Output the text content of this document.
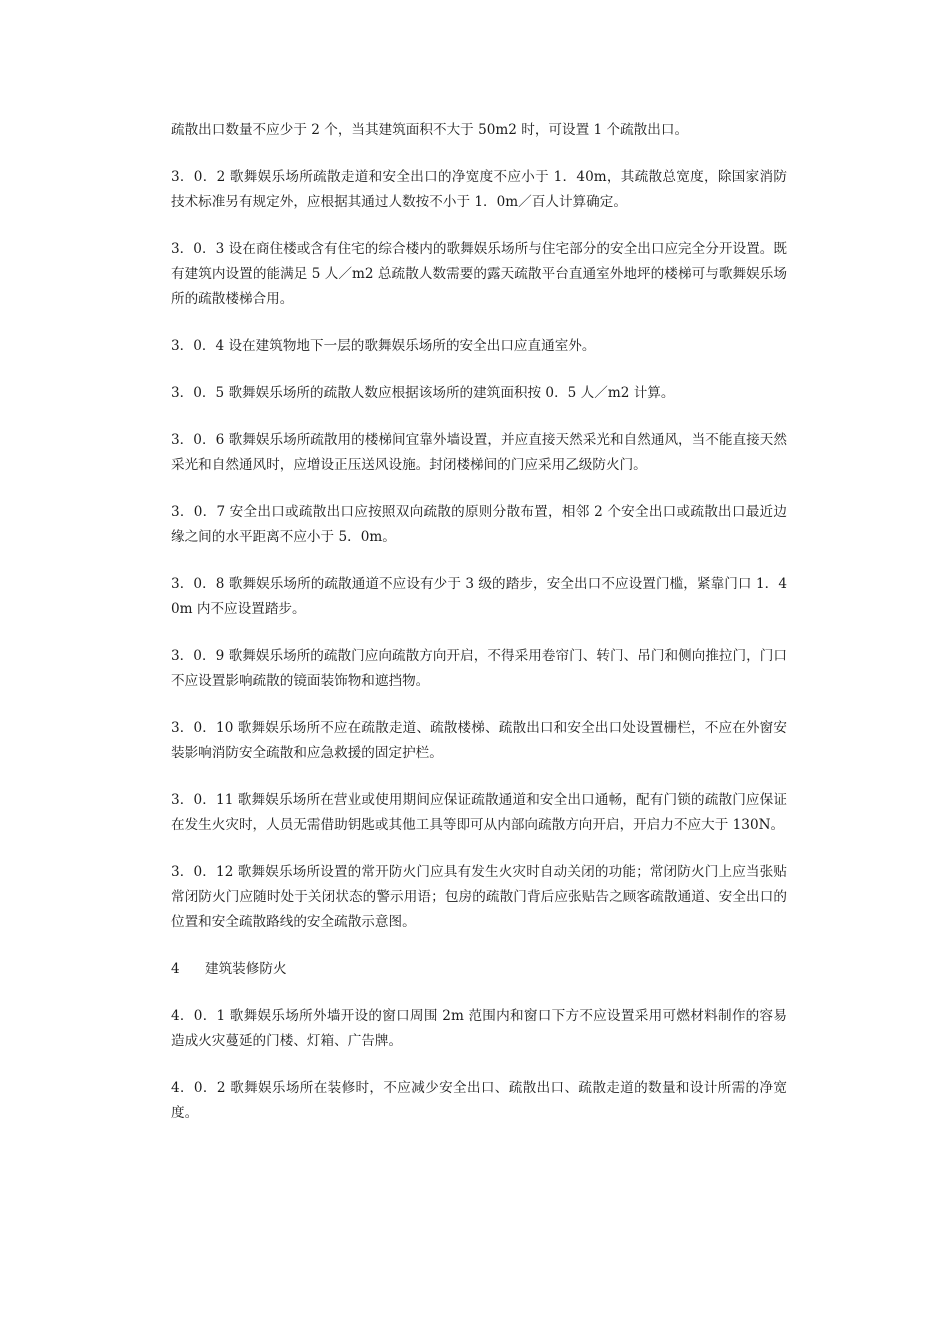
疏散出口数量不应少于 2 个，当其建筑面积不大于 50m2 时，可设置 1 个疏散出口。

3．0．2 歌舞娱乐场所疏散走道和安全出口的净宽度不应小于 1．40m，其疏散总宽度，除国家消防技术标准另有规定外，应根据其通过人数按不小于 1．0m／百人计算确定。

3．0．3 设在商住楼或含有住宅的综合楼内的歌舞娱乐场所与住宅部分的安全出口应完全分开设置。既有建筑内设置的能满足 5 人／m2 总疏散人数需要的露天疏散平台直通室外地坪的楼梯可与歌舞娱乐场所的疏散楼梯合用。

3．0．4 设在建筑物地下一层的歌舞娱乐场所的安全出口应直通室外。

3．0．5 歌舞娱乐场所的疏散人数应根据该场所的建筑面积按 0．5 人／m2 计算。

3．0．6 歌舞娱乐场所疏散用的楼梯间宜靠外墙设置，并应直接天然采光和自然通风，当不能直接天然采光和自然通风时，应增设正压送风设施。封闭楼梯间的门应采用乙级防火门。

3．0．7 安全出口或疏散出口应按照双向疏散的原则分散布置，相邻 2 个安全出口或疏散出口最近边缘之间的水平距离不应小于 5．0m。

3．0．8 歌舞娱乐场所的疏散通道不应设有少于 3 级的踏步，安全出口不应设置门槛，紧靠门口 1．40m 内不应设置踏步。

3．0．9 歌舞娱乐场所的疏散门应向疏散方向开启，不得采用卷帘门、转门、吊门和侧向推拉门，门口不应设置影响疏散的镜面装饰物和遮挡物。

3．0．10 歌舞娱乐场所不应在疏散走道、疏散楼梯、疏散出口和安全出口处设置栅栏，不应在外窗安装影响消防安全疏散和应急救援的固定护栏。

3．0．11 歌舞娱乐场所在营业或使用期间应保证疏散通道和安全出口通畅，配有门锁的疏散门应保证在发生火灾时，人员无需借助钥匙或其他工具等即可从内部向疏散方向开启，开启力不应大于 130N。

3．0．12 歌舞娱乐场所设置的常开防火门应具有发生火灾时自动关闭的功能；常闭防火门上应当张贴常闭防火门应随时处于关闭状态的警示用语；包房的疏散门背后应张贴告之顾客疏散通道、安全出口的位置和安全疏散路线的安全疏散示意图。

4 建筑装修防火

4．0．1 歌舞娱乐场所外墙开设的窗口周围 2m 范围内和窗口下方不应设置采用可燃材料制作的容易造成火灾蔓延的门楼、灯箱、广告牌。

4．0．2 歌舞娱乐场所在装修时，不应减少安全出口、疏散出口、疏散走道的数量和设计所需的净宽度。
